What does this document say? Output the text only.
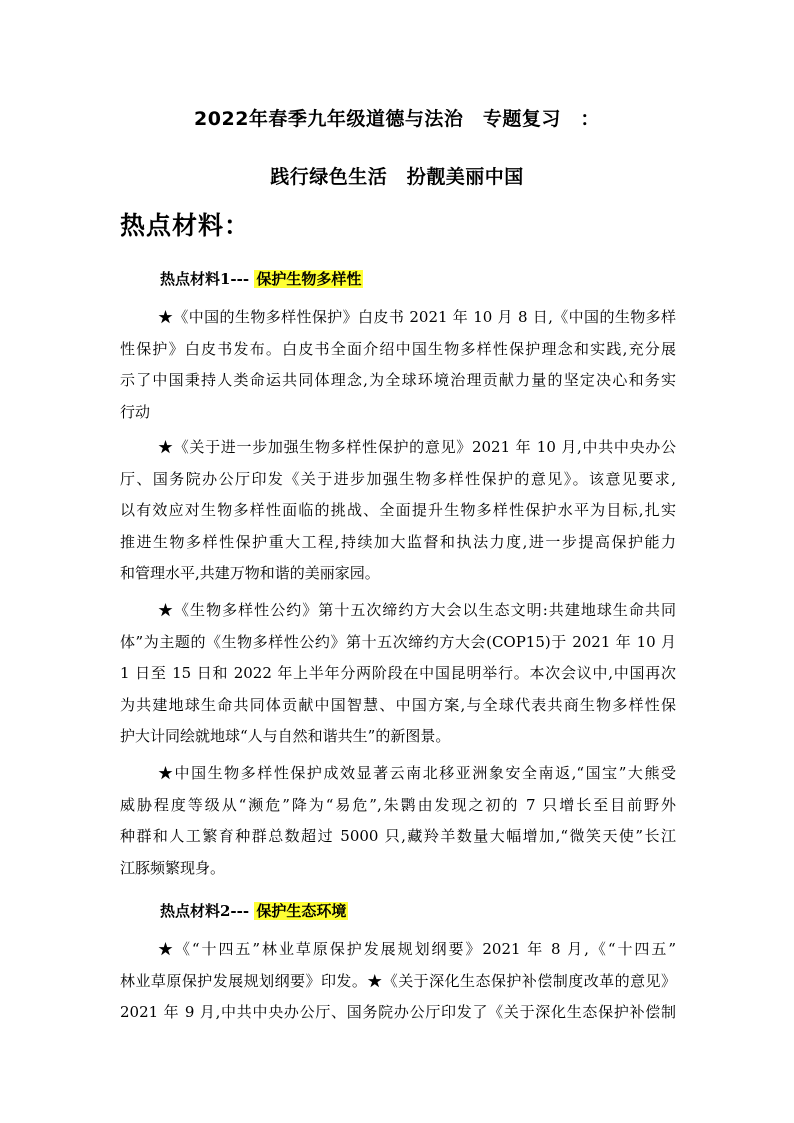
2022年春季九年级道德与法治　专题复习　：
践行绿色生活　扮靓美丽中国
热点材料：
热点材料1--- 保护生物多样性
★《中国的生物多样性保护》白皮书 2021 年 10 月 8 日,《中国的生物多样
性保护》白皮书发布。白皮书全面介绍中国生物多样性保护理念和实践,充分展
示了中国秉持人类命运共同体理念,为全球环境治理贡献力量的坚定决心和务实
行动
★《关于进一步加强生物多样性保护的意见》2021 年 10 月,中共中央办公
厅、国务院办公厅印发《关于进步加强生物多样性保护的意见》。该意见要求,
以有效应对生物多样性面临的挑战、全面提升生物多样性保护水平为目标,扎实
推进生物多样性保护重大工程,持续加大监督和执法力度,进一步提高保护能力
和管理水平,共建万物和谐的美丽家园。
★《生物多样性公约》第十五次缔约方大会以生态文明:共建地球生命共同
体”为主题的《生物多样性公约》第十五次缔约方大会(COP15)于 2021 年 10 月
1 日至 15 日和 2022 年上半年分两阶段在中国昆明举行。本次会议中,中国再次
为共建地球生命共同体贡献中国智慧、中国方案,与全球代表共商生物多样性保
护大计同绘就地球“人与自然和谐共生”的新图景。
★中国生物多样性保护成效显著云南北移亚洲象安全南返,“国宝”大熊受
威胁程度等级从“濒危”降为“易危”,朱鹮由发现之初的 7 只增长至目前野外
种群和人工繁育种群总数超过 5000 只,藏羚羊数量大幅增加,“微笑天使”长江
江豚频繁现身。
热点材料2--- 保护生态环境
★《“十四五”林业草原保护发展规划纲要》2021 年 8 月,《“十四五”
林业草原保护发展规划纲要》印发。★《关于深化生态保护补偿制度改革的意见》
2021 年 9 月,中共中央办公厅、国务院办公厅印发了《关于深化生态保护补偿制
